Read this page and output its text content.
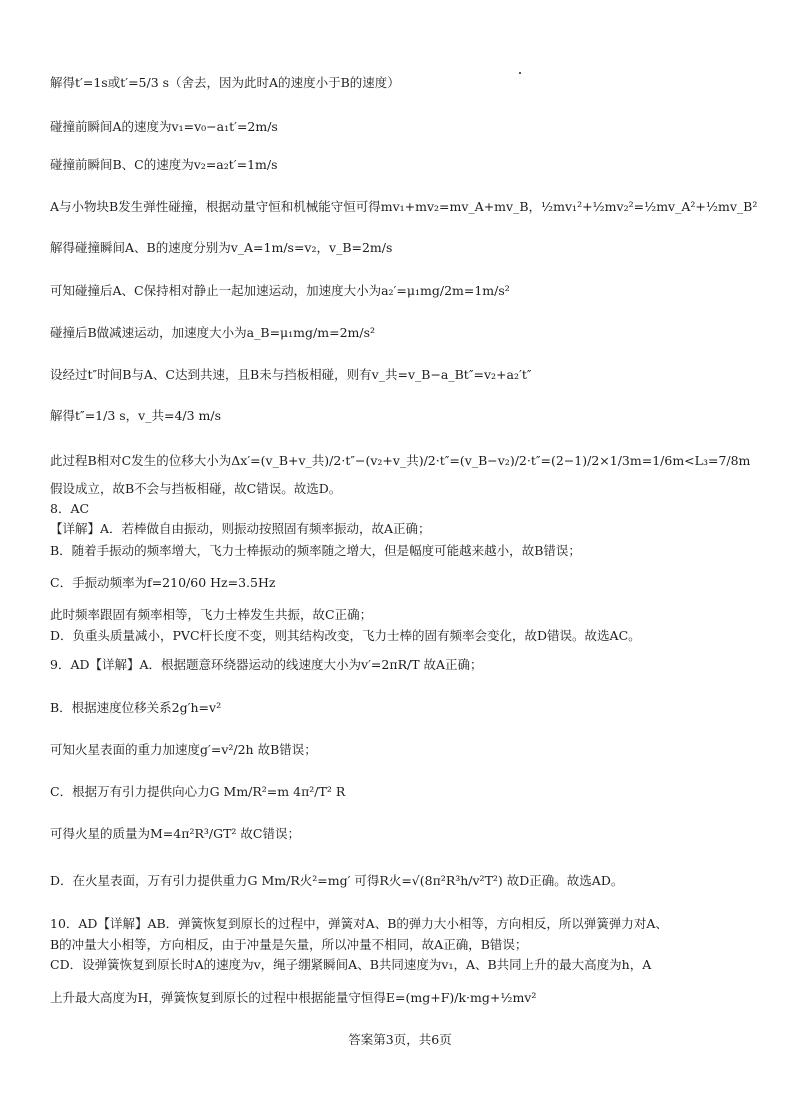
解得t′=1s或t′=5/3 s（舍去，因为此时A的速度小于B的速度）
碰撞前瞬间A的速度为v₁=v₀−a₁t′=2m/s
碰撞前瞬间B、C的速度为v₂=a₂t′=1m/s
A与小物块B发生弹性碰撞，根据动量守恒和机械能守恒可得mv₁+mv₂=mv_A+mv_B，½mv₁²+½mv₂²=½mv_A²+½mv_B²
解得碰撞瞬间A、B的速度分别为v_A=1m/s=v₂，v_B=2m/s
可知碰撞后A、C保持相对静止一起加速运动，加速度大小为a₂′=μ₁mg/2m=1m/s²
碰撞后B做减速运动，加速度大小为a_B=μ₁mg/m=2m/s²
设经过t″时间B与A、C达到共速，且B未与挡板相碰，则有v_共=v_B−a_Bt″=v₂+a₂′t″
解得t″=1/3 s，v_共=4/3 m/s
此过程B相对C发生的位移大小为Δx′=(v_B+v_共)/2·t″−(v₂+v_共)/2·t″=(v_B−v₂)/2·t″=(2−1)/2×1/3m=1/6m<L₃=7/8m
假设成立，故B不会与挡板相碰，故C错误。故选D。
8．AC
【详解】A．若棒做自由振动，则振动按照固有频率振动，故A正确；
B．随着手振动的频率增大，飞力士棒振动的频率随之增大，但是幅度可能越来越小，故B错误；
C．手振动频率为f=210/60 Hz=3.5Hz
此时频率跟固有频率相等，飞力士棒发生共振，故C正确；
D．负重头质量减小，PVC杆长度不变，则其结构改变，飞力士棒的固有频率会变化，故D错误。故选AC。
9．AD【详解】A．根据题意环绕器运动的线速度大小为v′=2πR/T 故A正确；
B．根据速度位移关系2g′h=v²
可知火星表面的重力加速度g′=v²/2h 故B错误；
C．根据万有引力提供向心力G Mm/R²=m 4π²/T² R
可得火星的质量为M=4π²R³/GT² 故C错误；
D．在火星表面，万有引力提供重力G Mm/R火²=mg′ 可得R火=√(8π²R³h/v²T²) 故D正确。故选AD。
10．AD【详解】AB．弹簧恢复到原长的过程中，弹簧对A、B的弹力大小相等，方向相反，所以弹簧弹力对A、
B的冲量大小相等，方向相反，由于冲量是矢量，所以冲量不相同，故A正确，B错误；
CD．设弹簧恢复到原长时A的速度为v，绳子绷紧瞬间A、B共同速度为v₁，A、B共同上升的最大高度为h，A
上升最大高度为H，弹簧恢复到原长的过程中根据能量守恒得E=(mg+F)/k·mg+½mv²
答案第3页，共6页
